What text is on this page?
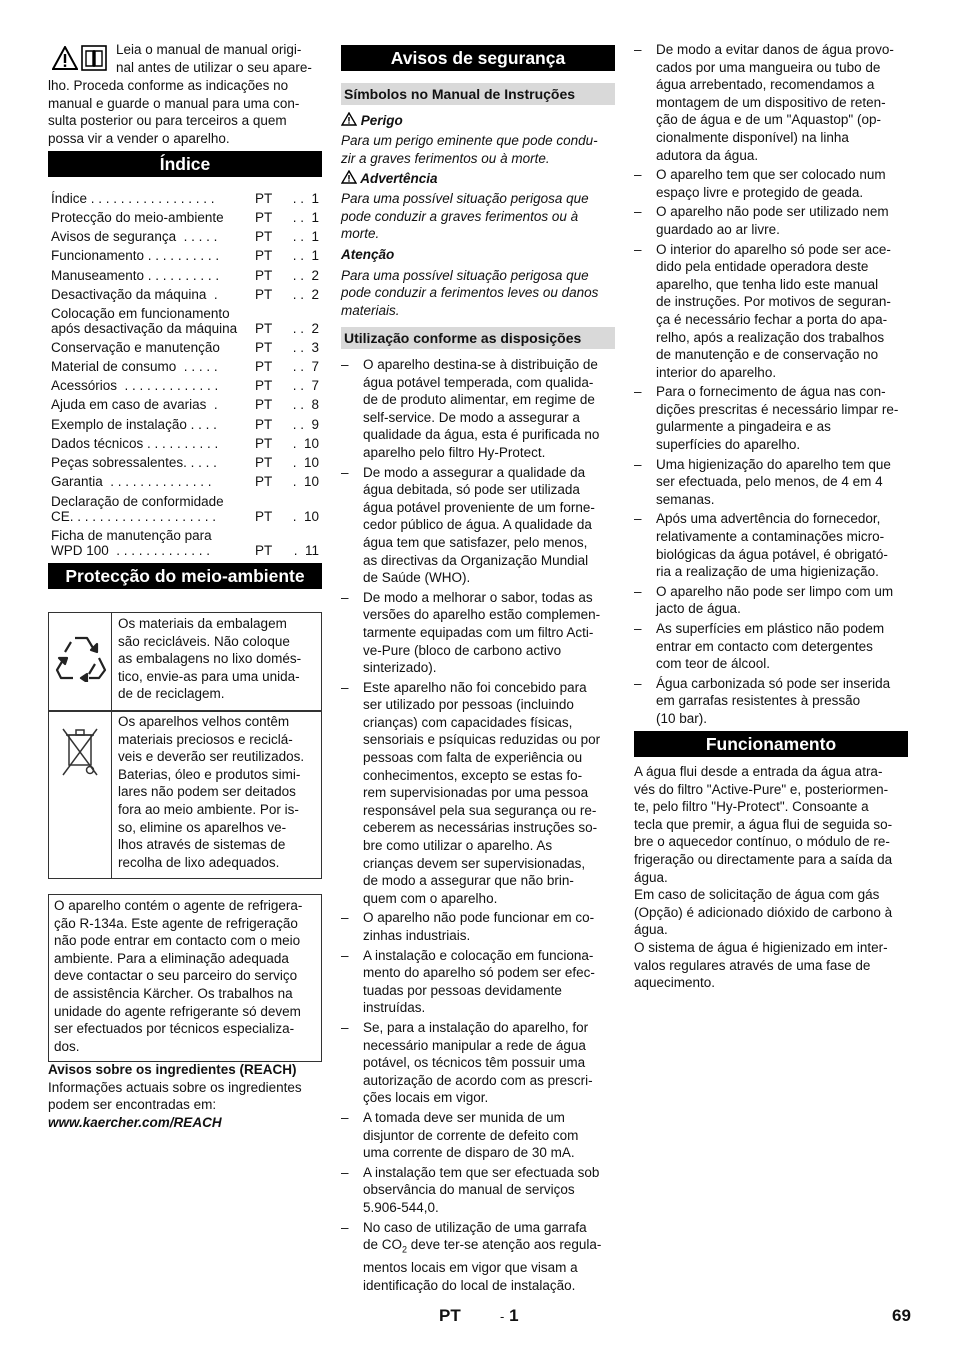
Leia o manual de manual origi-

nal antes de utilizar o seu apare-

lho. Proceda conforme as indicações no

manual e guarde o manual para uma con-

sulta posterior ou para terceiros a quem

possa vir a vender o aparelho.

Índice
Índice . . . . . . . . . . . . . . . . .	PT	. .  1
Protecção do meio-ambiente	PT	. .  1
Avisos de segurança  . . . . .	PT	. .  1
Funcionamento . . . . . . . . . .	PT	. .  1
Manuseamento . . . . . . . . . .	PT	. .  2
Desactivação da máquina  .	PT	. .  2
Colocação em funcionamento
após desactivação da máquina	PT	. .  2
Conservação e manutenção	PT	. .  3
Material de consumo  . . . . .	PT	. .  7
Acessórios  . . . . . . . . . . . . .	PT	. .  7
Ajuda em caso de avarias  .	PT	. .  8
Exemplo de instalação . . . .	PT	. .  9
Dados técnicos . . . . . . . . . .	PT	.  10
Peças sobressalentes. . . . .	PT	.  10
Garantia  . . . . . . . . . . . . . .	PT	.  10
Declaração de conformidade
CE. . . . . . . . . . . . . . . . . . . .	PT	.  10
Ficha de manutenção para
WPD 100  . . . . . . . . . . . . .	PT	.  11
Protecção do meio-ambiente

Os materiais da embalagem

são recicláveis. Não coloque

as embalagens no lixo domés-

tico, envie-as para uma unida-

de de reciclagem.

Os aparelhos velhos contêm

materiais preciosos e reciclá-

veis e deverão ser reutilizados.

Baterias, óleo e produtos simi-

lares não podem ser deitados

fora ao meio ambiente. Por is-

so, elimine os aparelhos ve-

lhos através de sistemas de

recolha de lixo adequados.

O aparelho contém o agente de refrigera-

ção R-134a. Este agente de refrigeração

não pode entrar em contacto com o meio

ambiente. Para a eliminação adequada

deve contactar o seu parceiro do serviço

de assistência Kärcher. Os trabalhos na

unidade do agente refrigerante só devem

ser efectuados por técnicos especializa-

dos.

Avisos sobre os ingredientes (REACH)

Informações actuais sobre os ingredientes

podem ser encontradas em:

www.kaercher.com/REACH

Avisos de segurança
Símbolos no Manual de Instruções

Perigo

Para um perigo eminente que pode condu-

zir a graves ferimentos ou à morte.

Advertência

Para uma possível situação perigosa que

pode conduzir a graves ferimentos ou à

morte.

Atenção

Para uma possível situação perigosa que

pode conduzir a ferimentos leves ou danos

materiais.

Utilização conforme as disposições

– O aparelho destina-se à distribuição de

água potável temperada, com qualida-

de de produto alimentar, em regime de

self-service. De modo a assegurar a

qualidade da água, esta é purificada no

aparelho pelo filtro Hy-Protect.

– De modo a assegurar a qualidade da

água debitada, só pode ser utilizada

água potável proveniente de um forne-

cedor público de água. A qualidade da

água tem que satisfazer, pelo menos,

as directivas da Organização Mundial

de Saúde (WHO).

– De modo a melhorar o sabor, todas as

versões do aparelho estão complemen-

tarmente equipadas com um filtro Acti-

ve-Pure (bloco de carbono activo

sinterizado).

– Este aparelho não foi concebido para

ser utilizado por pessoas (incluindo

crianças) com capacidades físicas,

sensoriais e psíquicas reduzidas ou por

pessoas com falta de experiência ou

conhecimentos, excepto se estas fo-

rem supervisionadas por uma pessoa

responsável pela sua segurança ou re-

ceberem as necessárias instruções so-

bre como utilizar o aparelho. As

crianças devem ser supervisionadas,

de modo a assegurar que não brin-

quem com o aparelho.

– O aparelho não pode funcionar em co-

zinhas industriais.

– A instalação e colocação em funciona-

mento do aparelho só podem ser efec-

tuadas por pessoas devidamente

instruídas.

– Se, para a instalação do aparelho, for

necessário manipular a rede de água

potável, os técnicos têm possuir uma

autorização de acordo com as prescri-

ções locais em vigor.

– A tomada deve ser munida de um

disjuntor de corrente de defeito com

uma corrente de disparo de 30 mA.

– A instalação tem que ser efectuada sob

observância do manual de serviços

5.906-544,0.

– No caso de utilização de uma garrafa

de $CO_2$ deve ter-se atenção aos regula-

mentos locais em vigor que visam a

identificação do local de instalação.

– De modo a evitar danos de água provo-

cados por uma mangueira ou tubo de

água arrebentado, recomendamos a

montagem de um dispositivo de reten-

ção de água e de um "Aquastop" (op-

cionalmente disponível) na linha

adutora da água.

– O aparelho tem que ser colocado num

espaço livre e protegido de geada.

– O aparelho não pode ser utilizado nem

guardado ao ar livre.

– O interior do aparelho só pode ser ace-

dido pela entidade operadora deste

aparelho, que tenha lido este manual

de instruções. Por motivos de seguran-

ça é necessário fechar a porta do apa-

relho, após a realização dos trabalhos

de manutenção e de conservação no

interior do aparelho.

– Para o fornecimento de água nas con-

dições prescritas é necessário limpar re-

gularmente a pingadeira e as

superfícies do aparelho.

– Uma higienização do aparelho tem que

ser efectuada, pelo menos, de 4 em 4

semanas.

– Após uma advertência do fornecedor,

relativamente a contaminações micro-

biológicas da água potável, é obrigató-

ria a realização de uma higienização.

– O aparelho não pode ser limpo com um

jacto de água.

– As superfícies em plástico não podem

entrar em contacto com detergentes

com teor de álcool.

– Água carbonizada só pode ser inserida

em garrafas resistentes à pressão

(10 bar).

Funcionamento

A água flui desde a entrada da água atra-

vés do filtro "Active-Pure" e, posteriormen-

te, pelo filtro "Hy-Protect". Consoante a

tecla que premir, a água flui de seguida so-

bre o aquecedor contínuo, o módulo de re-

frigeração ou directamente para a saída da

água.

Em caso de solicitação de água com gás

(Opção) é adicionado dióxido de carbono à

água.

O sistema de água é higienizado em inter-

valos regulares através de uma fase de

aquecimento.

PT	- 1	69
